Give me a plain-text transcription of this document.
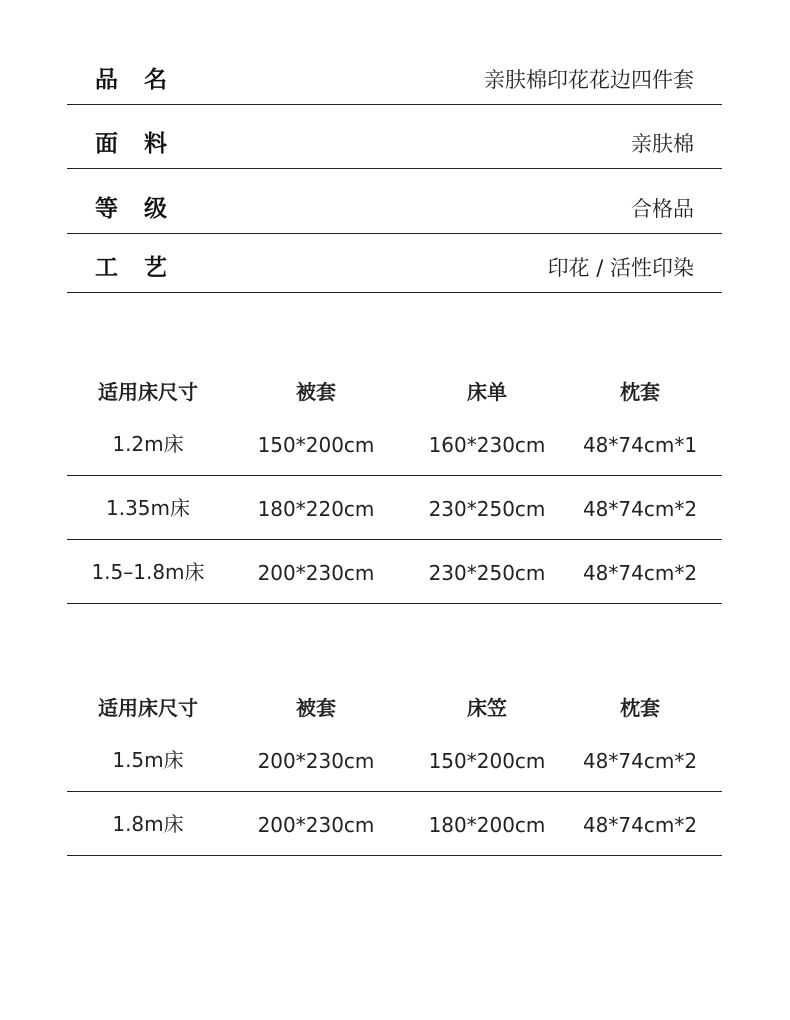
品名	亲肤棉印花花边四件套
面料	亲肤棉
等级	合格品
工艺	印花 / 活性印染
适用床尺寸	被套	床单	枕套
1.2m床	150*200cm	160*230cm 48*74cm*1
1.35m床	180*220cm	230*250cm 48*74cm*2
1.5–1.8m床	200*230cm	230*250cm 48*74cm*2
适用床尺寸	被套	床笠	枕套
1.5m床	200*230cm	150*200cm 48*74cm*2
1.8m床	200*230cm	180*200cm 48*74cm*2
